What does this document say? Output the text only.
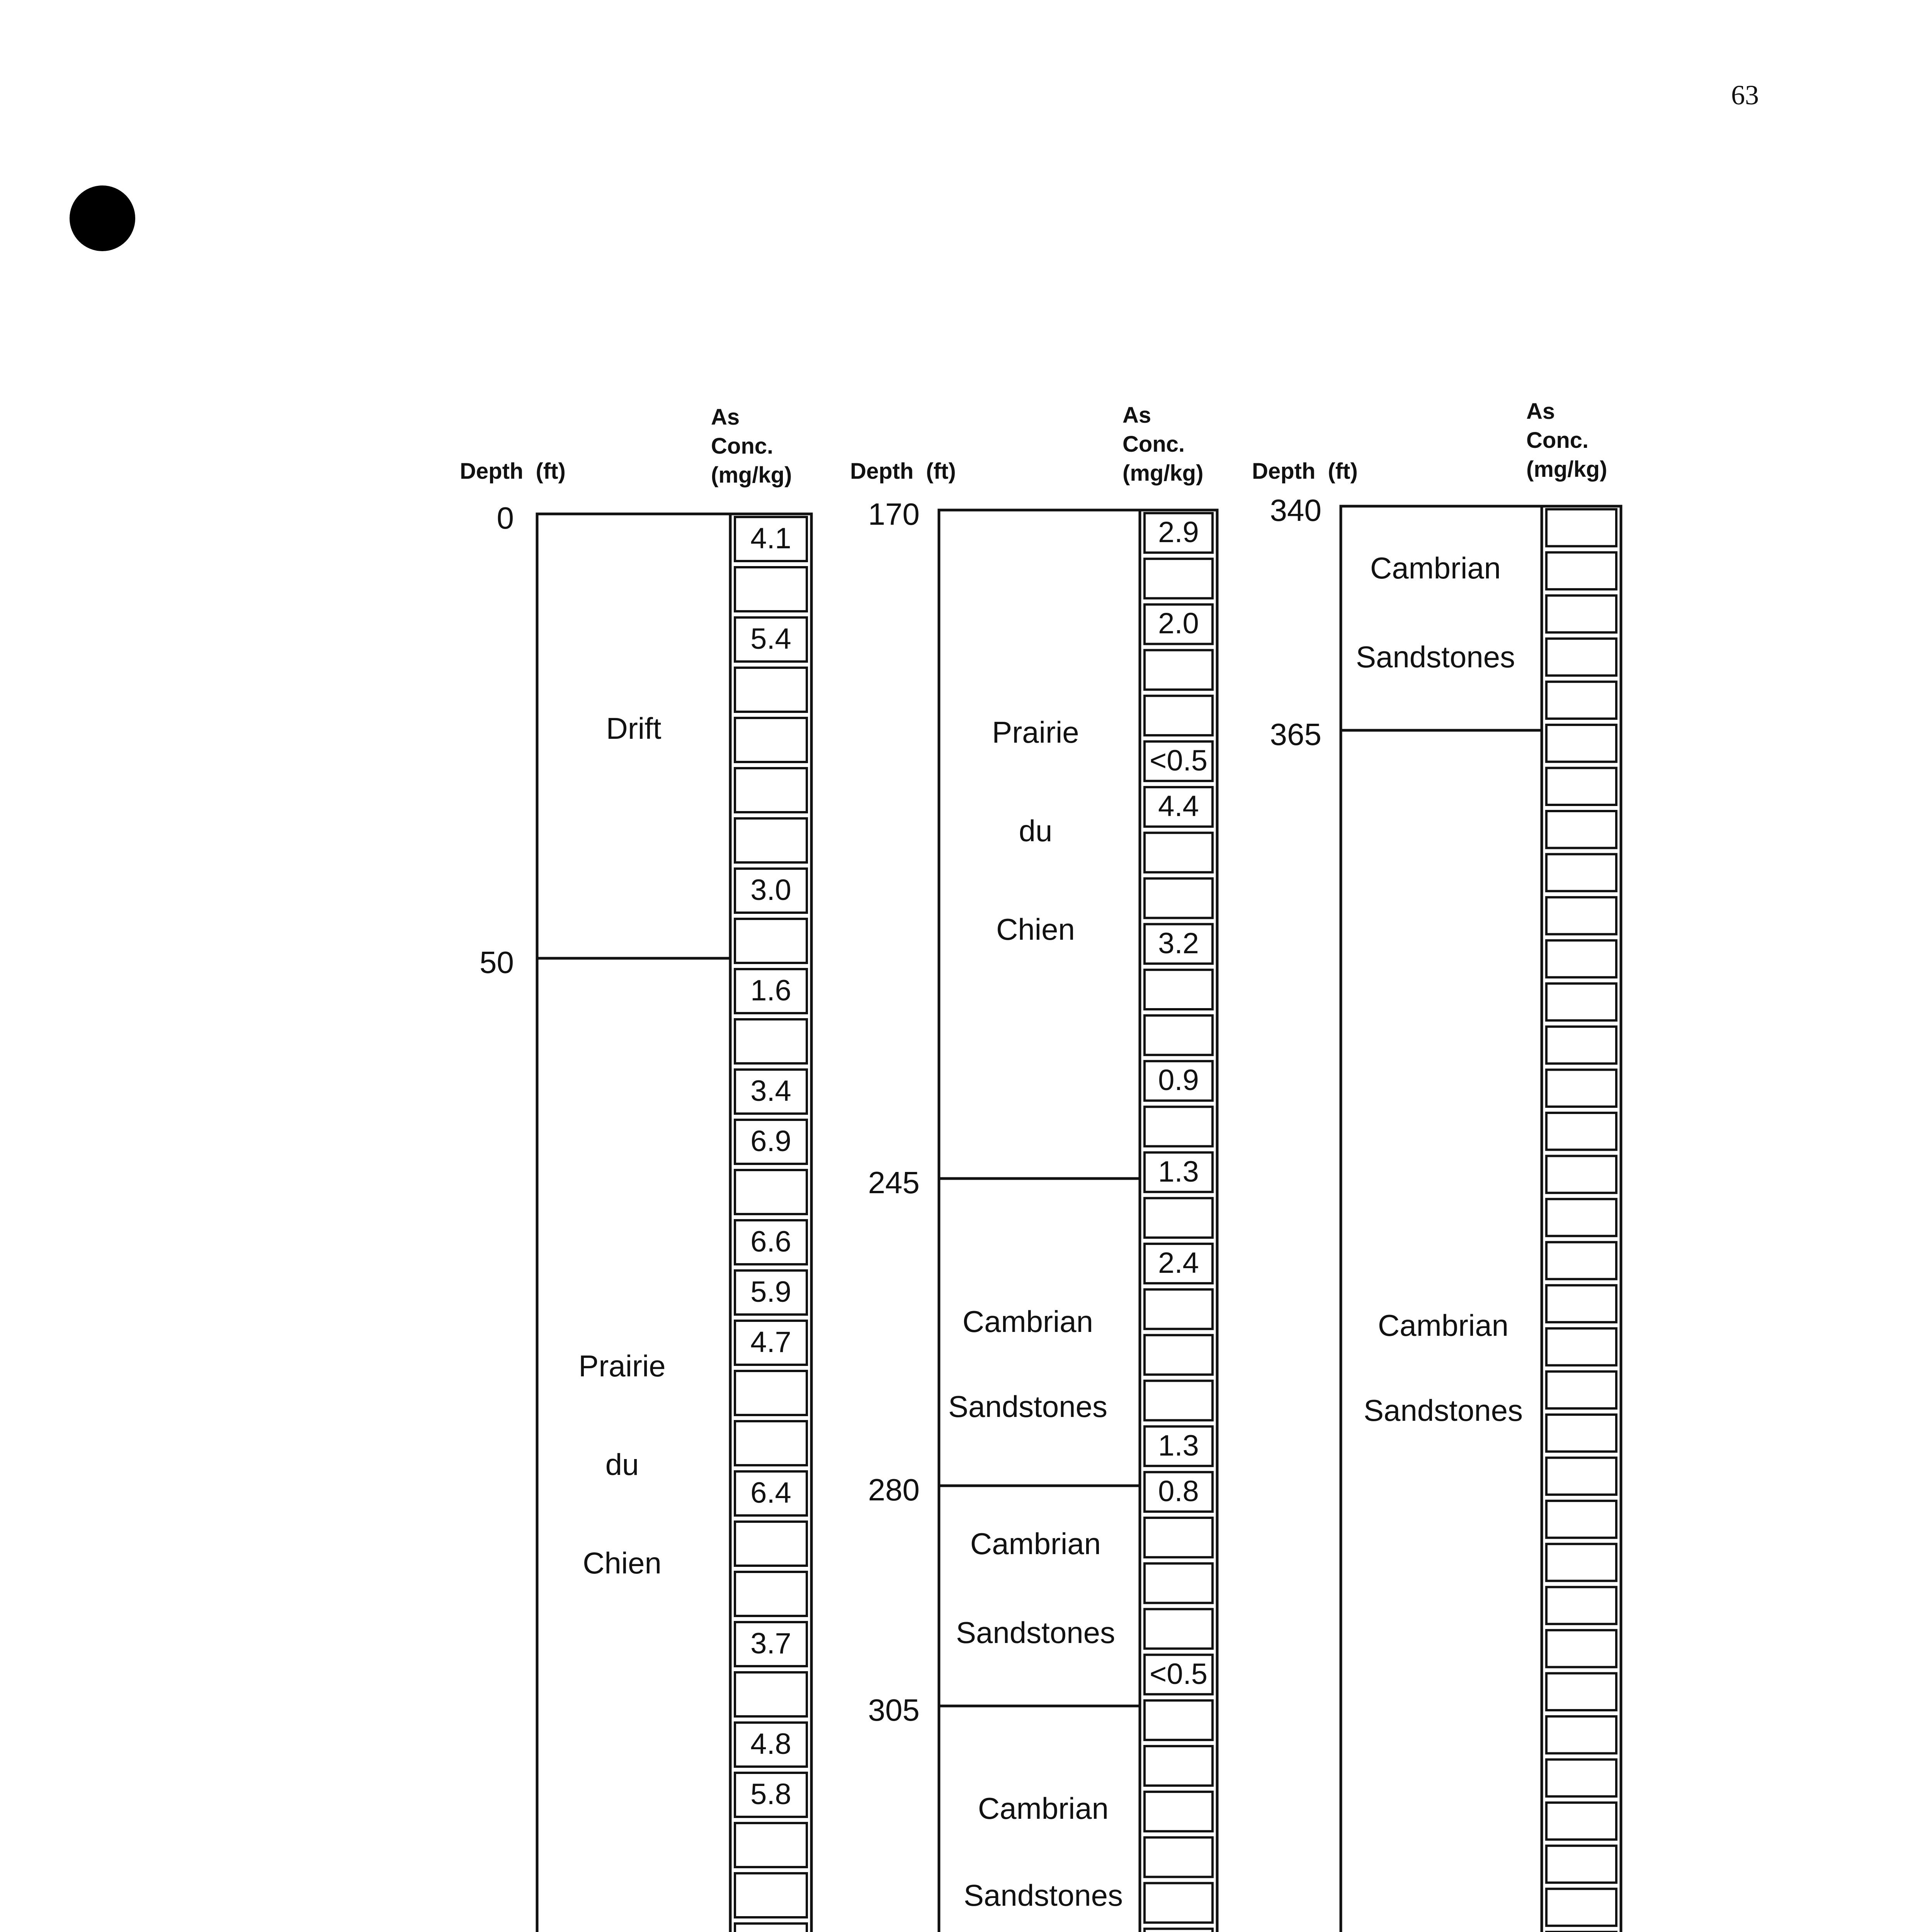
63
Depth  (ft)
As
Conc.
(mg/kg)
0
50
Drift
Prairie
du
Chien
4.1
5.4
3.0
1.6
3.4
6.9
6.6
5.9
4.7
6.4
3.7
4.8
5.8
Depth  (ft)
As
Conc.
(mg/kg)
170
245
280
305
Prairie
du
Chien
Cambrian
Sandstones
Cambrian
Sandstones
Cambrian
Sandstones
2.9
2.0
<0.5
4.4
3.2
0.9
1.3
2.4
1.3
0.8
<0.5
Depth  (ft)
As
Conc.
(mg/kg)
340
365
Cambrian
Sandstones
Cambrian
Sandstones
